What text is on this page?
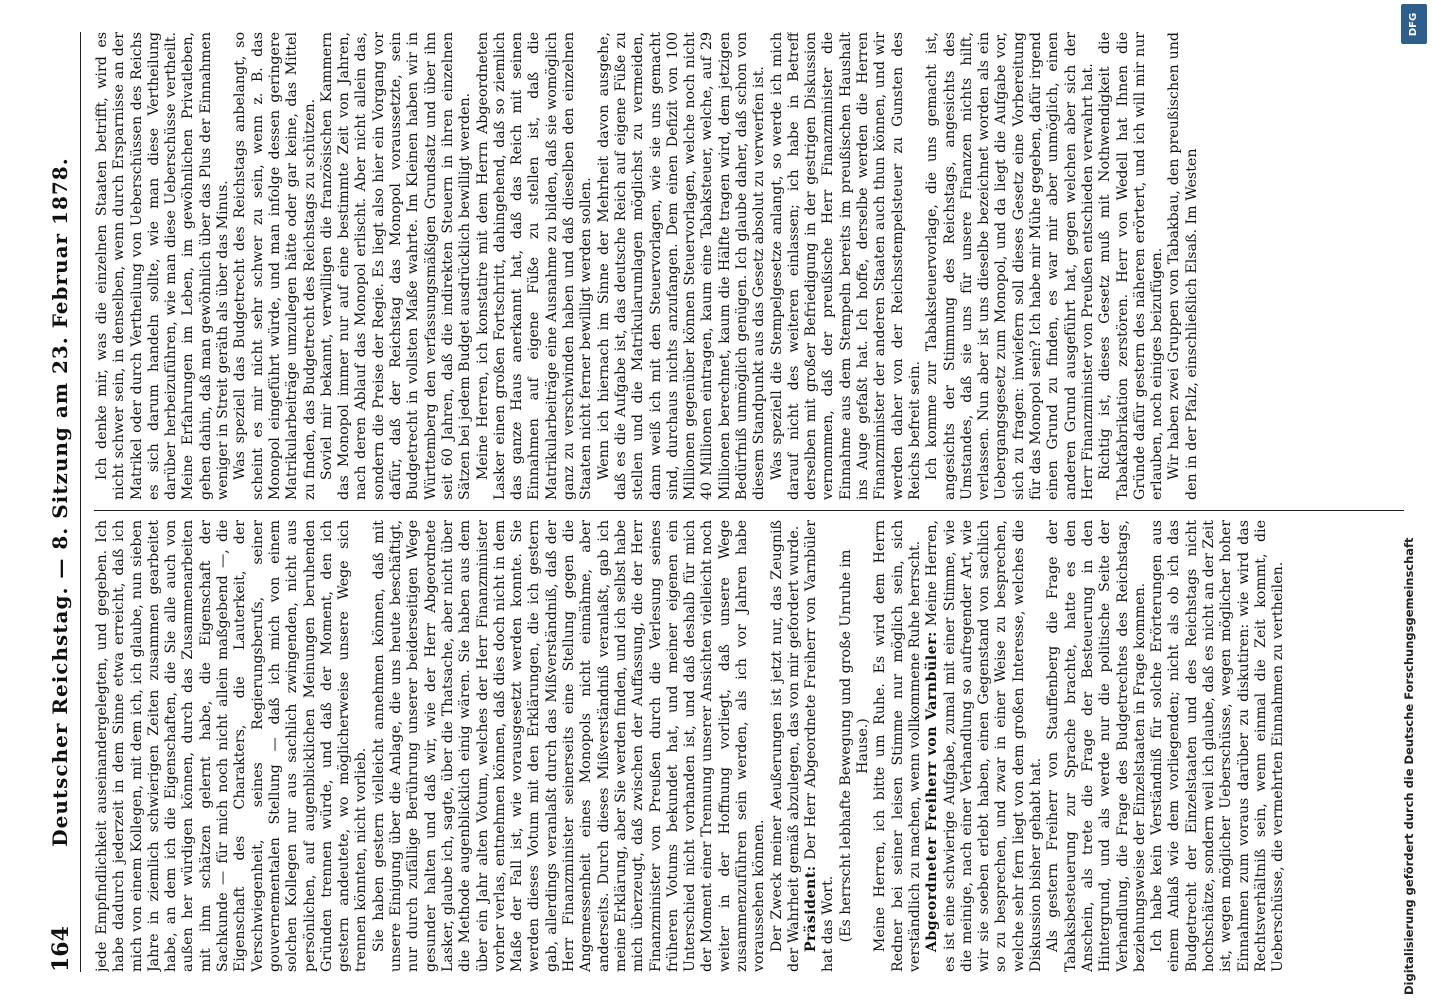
164
Deutscher Reichstag. — 8. Sitzung am 23. Februar 1878. jede Empfindlichkeit auseinandergelegten, und gegeben. Ich habe dadurch jederzeit in dem Sinne etwa erreicht, daß ich mich von einem Kollegen, mit dem ich, ich glaube, nun sieben Jahre in ziemlich schwierigen Zeiten zusammen gearbeitet habe, an dem ich die Eigenschaften, die Sie alle auch von außen her würdigen können, durch das Zusammenarbeiten mit ihm schätzen gelernt habe, die Eigenschaft der Sachkunde — für mich noch nicht allein maßgebend —, die Eigenschaft des Charakters, die Lauterkeit, der Verschwiegenheit, seines Regierungsberufs, seiner gouvernementalen Stellung — daß ich mich von einem solchen Kollegen nur aus sachlich zwingenden, nicht aus persönlichen, auf augenblicklichen Meinungen beruhenden Gründen trennen würde, und daß der Moment, den ich gestern andeutete, wo möglicherweise unsere Wege sich trennen könnten, nicht vorlieb. Sie haben gestern vielleicht annehmen können, daß mit unsere Einigung über die Anlage, die uns heute beschäftigt, nur durch zufällige Berührung unserer beiderseitigen Wege gesunder halten und daß wir, wie der Herr Abgeordnete Lasker, glaube ich, sagte, über die Thatsache, aber nicht über die Methode augenblicklich einig wären. Sie haben aus dem über ein Jahr alten Votum, welches der Herr Finanzminister vorher verlas, entnehmen können, daß dies doch nicht in dem Maße der Fall ist, wie vorausgesetzt werden konnte. Sie werden dieses Votum mit den Erklärungen, die ich gestern gab, allerdings veranlaßt durch das Mißverständniß, daß der Herr Finanzminister seinerseits eine Stellung gegen die Angemessenheit eines Monopols nicht einnähme, aber anderseits. Durch dieses Mißverständniß veranlaßt, gab ich meine Erklärung, aber Sie werden finden, und ich selbst habe mich überzeugt, daß zwischen der Auffassung, die der Herr Finanzminister von Preußen durch die Verlesung seines früheren Votums bekundet hat, und meiner eigenen ein Unterschied nicht vorhanden ist, und daß deshalb für mich der Moment einer Trennung unserer Ansichten vielleicht noch weiter in der Hoffnung vorliegt, daß unsere Wege zusammenzuführen sein werden, als ich vor Jahren habe voraussehen können. Der Zweck meiner Aeußerungen ist jetzt nur, das Zeugniß der Wahrheit gemäß abzulegen, das von mir gefordert wurde. Präsident: Der Herr Abgeordnete Freiherr von Varnbüler hat das Wort. (Es herrscht lebhafte Bewegung und große Unruhe im Hause.) Meine Herren, ich bitte um Ruhe. Es wird dem Herrn Redner bei seiner leisen Stimme nur möglich sein, sich verständlich zu machen, wenn vollkommene Ruhe herrscht. Abgeordneter Freiherr von Varnbüler: Meine Herren, es ist eine schwierige Aufgabe, zumal mit einer Stimme, wie die meinige, nach einer Verhandlung so aufregender Art, wie wir sie soeben erlebt haben, einen Gegenstand von sachlich so zu besprechen, und zwar in einer Weise zu besprechen, welche sehr fern liegt von dem großen Interesse, welches die Diskussion bisher gehabt hat. Als gestern Freiherr von Stauffenberg die Frage der Tabaksbesteuerung zur Sprache brachte, hatte es den Anschein, als trete die Frage der Besteuerung in den Hintergrund, und als werde nur die politische Seite der Verhandlung, die Frage des Budgetrechtes des Reichstags, beziehungsweise der Einzelstaaten in Frage kommen. Ich habe kein Verständniß für solche Erörterungen aus einem Anlaß wie dem vorliegenden; nicht als ob ich das Budgetrecht der Einzelstaaten und des Reichstags nicht hochschätze, sondern weil ich glaube, daß es nicht an der Zeit ist, wegen möglicher Ueberschüsse, wegen möglicher hoher Einnahmen zum voraus darüber zu diskutiren: wie wird das Rechtsverhältniß sein, wenn einmal die Zeit kommt, die Ueberschüsse, die vermehrten Einnahmen zu vertheilen.

Ich denke mir, was die einzelnen Staaten betrifft, wird es nicht schwer sein, in denselben, wenn durch Ersparnisse an der Matrikel oder durch Vertheilung von Ueberschüssen des Reichs es sich darum handeln sollte, wie man diese Vertheilung darüber herbeizuführen, wie man diese Ueberschüsse vertheilt. Meine Erfahrungen im Leben, im gewöhnlichen Privatleben, gehen dahin, daß man gewöhnlich über das Plus der Einnahmen weniger in Streit geräth als über das Minus. Was speziell das Budgetrecht des Reichstags anbelangt, so scheint es mir nicht sehr schwer zu sein, wenn z. B. das Monopol eingeführt würde, und man infolge dessen geringere Matrikularbeiträge umzulegen hätte oder gar keine, das Mittel zu finden, das Budgetrecht des Reichstags zu schützen. Soviel mir bekannt, verwilligen die französischen Kammern das Monopol immer nur auf eine bestimmte Zeit von Jahren, nach deren Ablauf das Monopol erlischt. Aber nicht allein das, sondern die Preise der Regie. Es liegt also hier ein Vorgang vor dafür, daß der Reichstag das Monopol voraussetzte, sein Budgetrecht in vollsten Maße wahrte. Im Kleinen haben wir in Württemberg den verfassungsmäßigen Grundsatz und über ihn seit 60 Jahren, daß die indirekten Steuern in ihren einzelnen Sätzen bei jedem Budget ausdrücklich bewilligt werden. Meine Herren, ich konstatire mit dem Herrn Abgeordneten Lasker einen großen Fortschritt, dahingehend, daß so ziemlich das ganze Haus anerkannt hat, daß das Reich mit seinen Einnahmen auf eigene Füße zu stellen ist, daß die Matrikularbeiträge eine Ausnahme zu bilden, daß sie womöglich ganz zu verschwinden haben und daß dieselben den einzelnen Staaten nicht ferner bewilligt werden sollen. Wenn ich hiernach im Sinne der Mehrheit davon ausgehe, daß es die Aufgabe ist, das deutsche Reich auf eigene Füße zu stellen und die Matrikularumlagen möglichst zu vermeiden, dann weiß ich mit den Steuervorlagen, wie sie uns gemacht sind, durchaus nichts anzufangen. Dem einen Defizit von 100 Millionen gegenüber können Steuervorlagen, welche noch nicht 40 Millionen eintragen, kaum eine Tabaksteuer, welche, auf 29 Millionen berechnet, kaum die Hälfte tragen wird, dem jetzigen Bedürfniß unmöglich genügen. Ich glaube daher, daß schon von diesem Standpunkt aus das Gesetz absolut zu verwerfen ist. Was speziell die Stempelgesetze anlangt, so werde ich mich darauf nicht des weiteren einlassen; ich habe in Betreff derselben mit großer Befriedigung in der gestrigen Diskussion vernommen, daß der preußische Herr Finanzminister die Einnahme aus dem Stempeln bereits im preußischen Haushalt ins Auge gefaßt hat. Ich hoffe, derselbe werden die Herren Finanzminister der anderen Staaten auch thun können, und wir werden daher von der Reichsstempelsteuer zu Gunsten des Reichs befreit sein. Ich komme zur Tabaksteuervorlage, die uns gemacht ist, angesichts der Stimmung des Reichstags, angesichts des Umstandes, daß sie uns für unsere Finanzen nichts hilft, verlassen. Nun aber ist uns dieselbe bezeichnet worden als ein Uebergangsgesetz zum Monopol, und da liegt die Aufgabe vor, sich zu fragen: inwiefern soll dieses Gesetz eine Vorbereitung für das Monopol sein? Ich habe mir Mühe gegeben, dafür irgend einen Grund zu finden, es war mir aber unmöglich, einen anderen Grund ausgeführt hat, gegen welchen aber sich der Herr Finanzminister von Preußen entschieden verwahrt hat. Richtig ist, dieses Gesetz muß mit Nothwendigkeit die Tabakfabrikation zerstören. Herr von Wedell hat Ihnen die Gründe dafür gestern des näheren erörtert, und ich will mir nur erlauben, noch einiges beizufügen. Wir haben zwei Gruppen von Tabakbau, den preußischen und den in der Pfalz, einschließlich Elsaß. Im Westen

DFG
Digitalisierung gefördert durch die Deutsche Forschungsgemeinschaft
